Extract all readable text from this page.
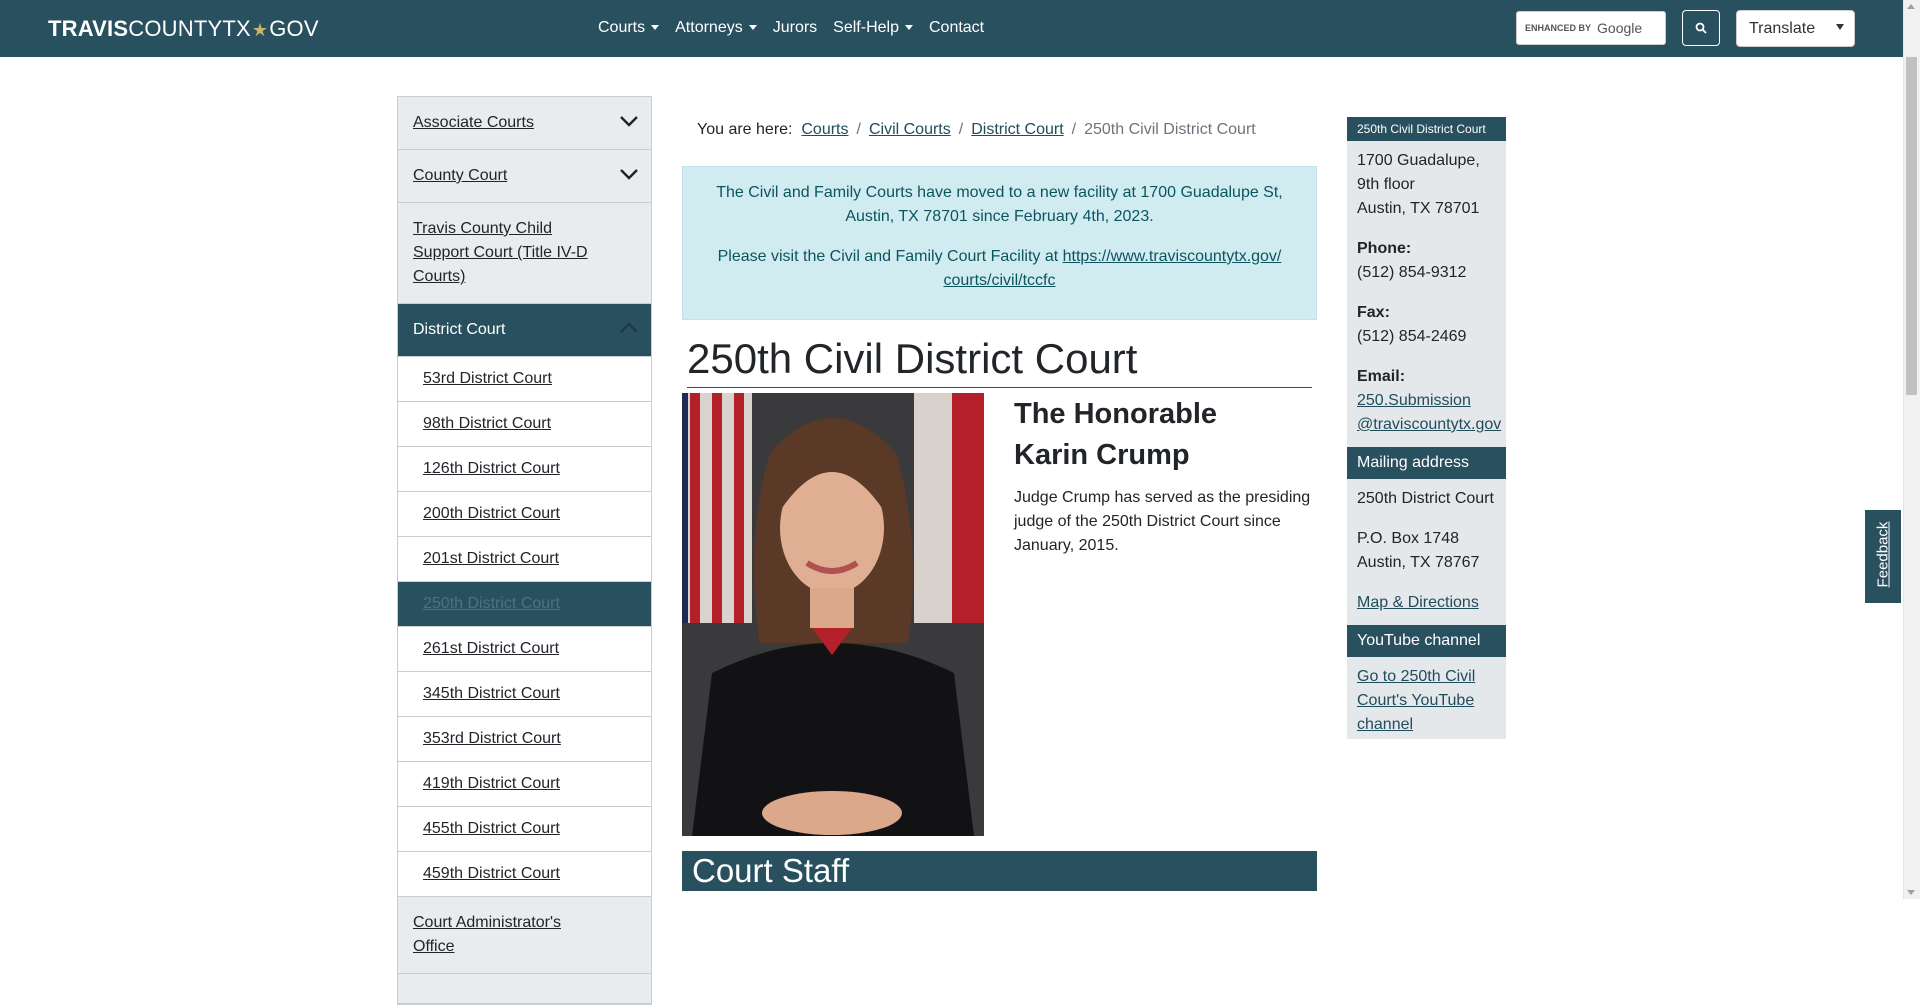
TRAVISCOUNTYTX★GOV	Courts	Attorneys	Jurors Self-Help	Contact	ENHANCED BY Google	Translate
Associate Courts
County Court
Travis County Child Support Court (Title IV-D Courts)
District Court
53rd District Court
98th District Court
126th District Court
200th District Court
201st District Court
250th District Court
261st District Court
345th District Court
353rd District Court
419th District Court
455th District Court
459th District Court
Court Administrator's Office
You are here: Courts / Civil Courts / District Court / 250th Civil District Court

The Civil and Family Courts have moved to a new facility at 1700 Guadalupe St, Austin, TX 78701 since February 4th, 2023.

Please visit the Civil and Family Court Facility at https://www.traviscountytx.gov/ courts/civil/tccfc

250th Civil District Court
The Honorable
Karin Crump

Judge Crump has served as the presiding judge of the 250th District Court since January, 2015.

Court Staff
250th Civil District Court

1700 Guadalupe,
9th floor
Austin, TX 78701

Phone:
(512) 854-9312

Fax:
(512) 854-2469

Email:
250.Submission
@traviscountytx.gov

Mailing address

250th District Court

P.O. Box 1748
Austin, TX 78767

Map & Directions

YouTube channel
Go to 250th Civil Court's YouTube channel
Feedback
